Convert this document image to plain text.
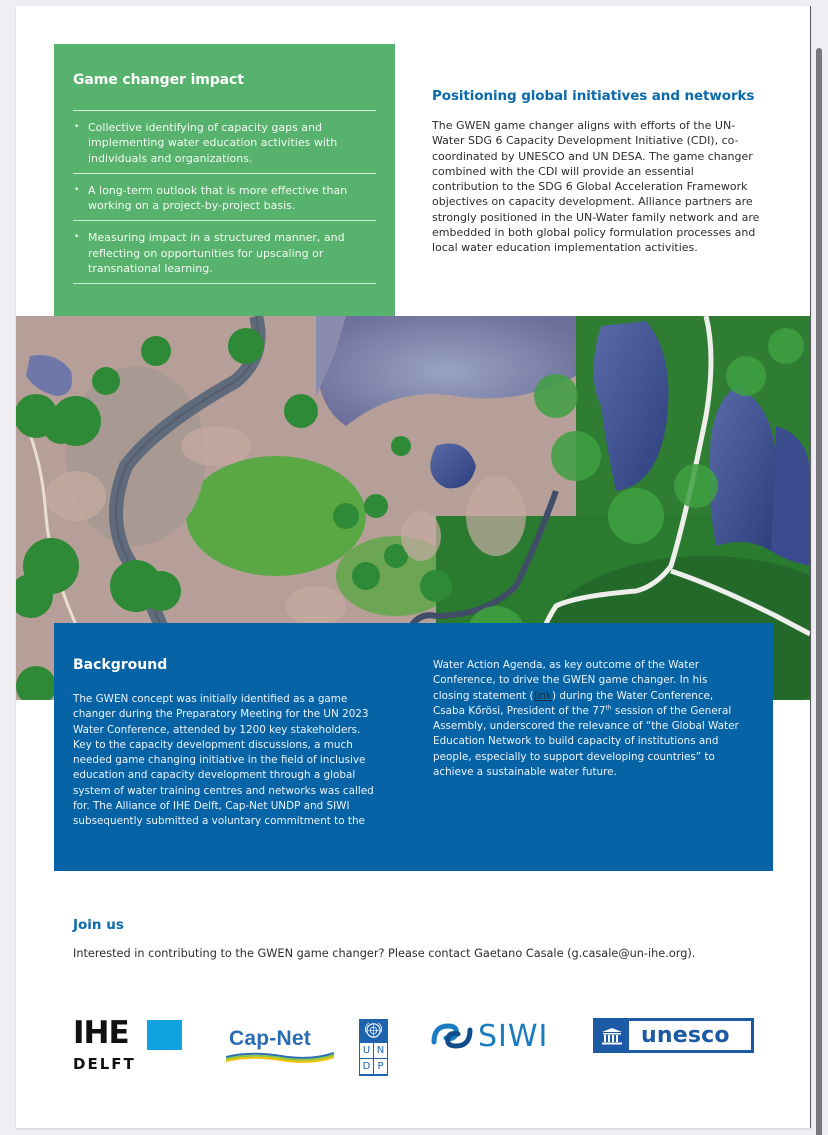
Game changer impact
• Collective identifying of capacity gaps and implementing water education activities with individuals and organizations.
• A long-term outlook that is more effective than working on a project-by-project basis.
• Measuring impact in a structured manner, and reflecting on opportunities for upscaling or transnational learning.
Positioning global initiatives and networks

The GWEN game changer aligns with efforts of the UN-Water SDG 6 Capacity Development Initiative (CDI), co-coordinated by UNESCO and UN DESA. The game changer combined with the CDI will provide an essential contribution to the SDG 6 Global Acceleration Framework objectives on capacity development. Alliance partners are strongly positioned in the UN-Water family network and are embedded in both global policy formulation processes and local water education implementation activities.

Background

The GWEN concept was initially identified as a game changer during the Preparatory Meeting for the UN 2023 Water Conference, attended by 1200 key stakeholders. Key to the capacity development discussions, a much needed game changing initiative in the field of inclusive education and capacity development through a global system of water training centres and networks was called for. The Alliance of IHE Delft, Cap-Net UNDP and SIWI subsequently submitted a voluntary commitment to the

Water Action Agenda, as key outcome of the Water Conference, to drive the GWEN game changer. In his closing statement (link) during the Water Conference, Csaba Kőrösi, President of the 77th session of the General Assembly, underscored the relevance of “the Global Water Education Network to build capacity of institutions and people, especially to support developing countries” to achieve a sustainable water future.

Join us

Interested in contributing to the GWEN game changer? Please contact Gaetano Casale (g.casale@un-ihe.org).

IHE
DELFT
Cap-Net
U N
D P
SIWI	unesco
